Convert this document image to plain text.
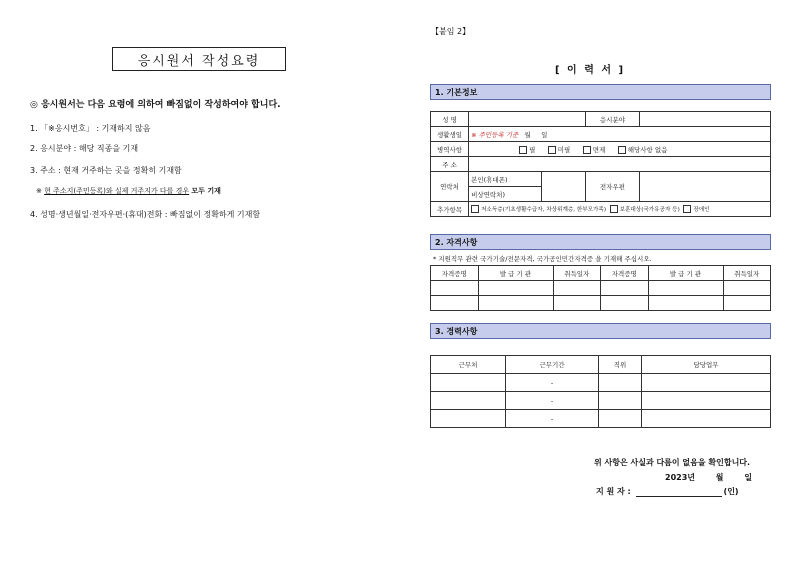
응시원서 작성요령
◎ 응시원서는 다음 요령에 의하여 빠짐없이 작성하여야 합니다.
1. 「※응시번호」 : 기재하지 않음
2. 응시분야 : 해당 직종을 기재
3. 주소 : 현재 거주하는 곳을 정확히 기재함
※ 현 주소지(주민등록)와 실제 거주지가 다를 경우 모두 기재
4. 성명·생년월일·전자우편·(휴대)전화 : 빠짐없이 정확하게 기재함
【붙임 2】
[ 이 력 서 ]
1. 기본정보
성 명			응시분야	
생활생일	※ 주민등록 기준 월 일			
병역사항	필 미필 면제 해당사항 없음			
주 소				
연락처	본인(휴대폰)		전자우편	
	비상연락처)			
추가항목	저소득층(기초생활수급자, 차상위계층, 한부모가족) 보훈대상(국가유공자 등) 장애인			
2. 자격사항
* 지원직무 관련 국가기술/전문자격, 국가공인민간자격증 을 기재해 주십시오.
자격증명	발 급 기 관	취득일자	자격증명	발 급 기 관	취득일자

3. 경력사항
근무처	근무기간	직위	담당업무
	-		
	-		
	-		
위 사항은 사실과 다름이 없음을 확인합니다.
2023년	월	일
지 원 자 :	(인)
